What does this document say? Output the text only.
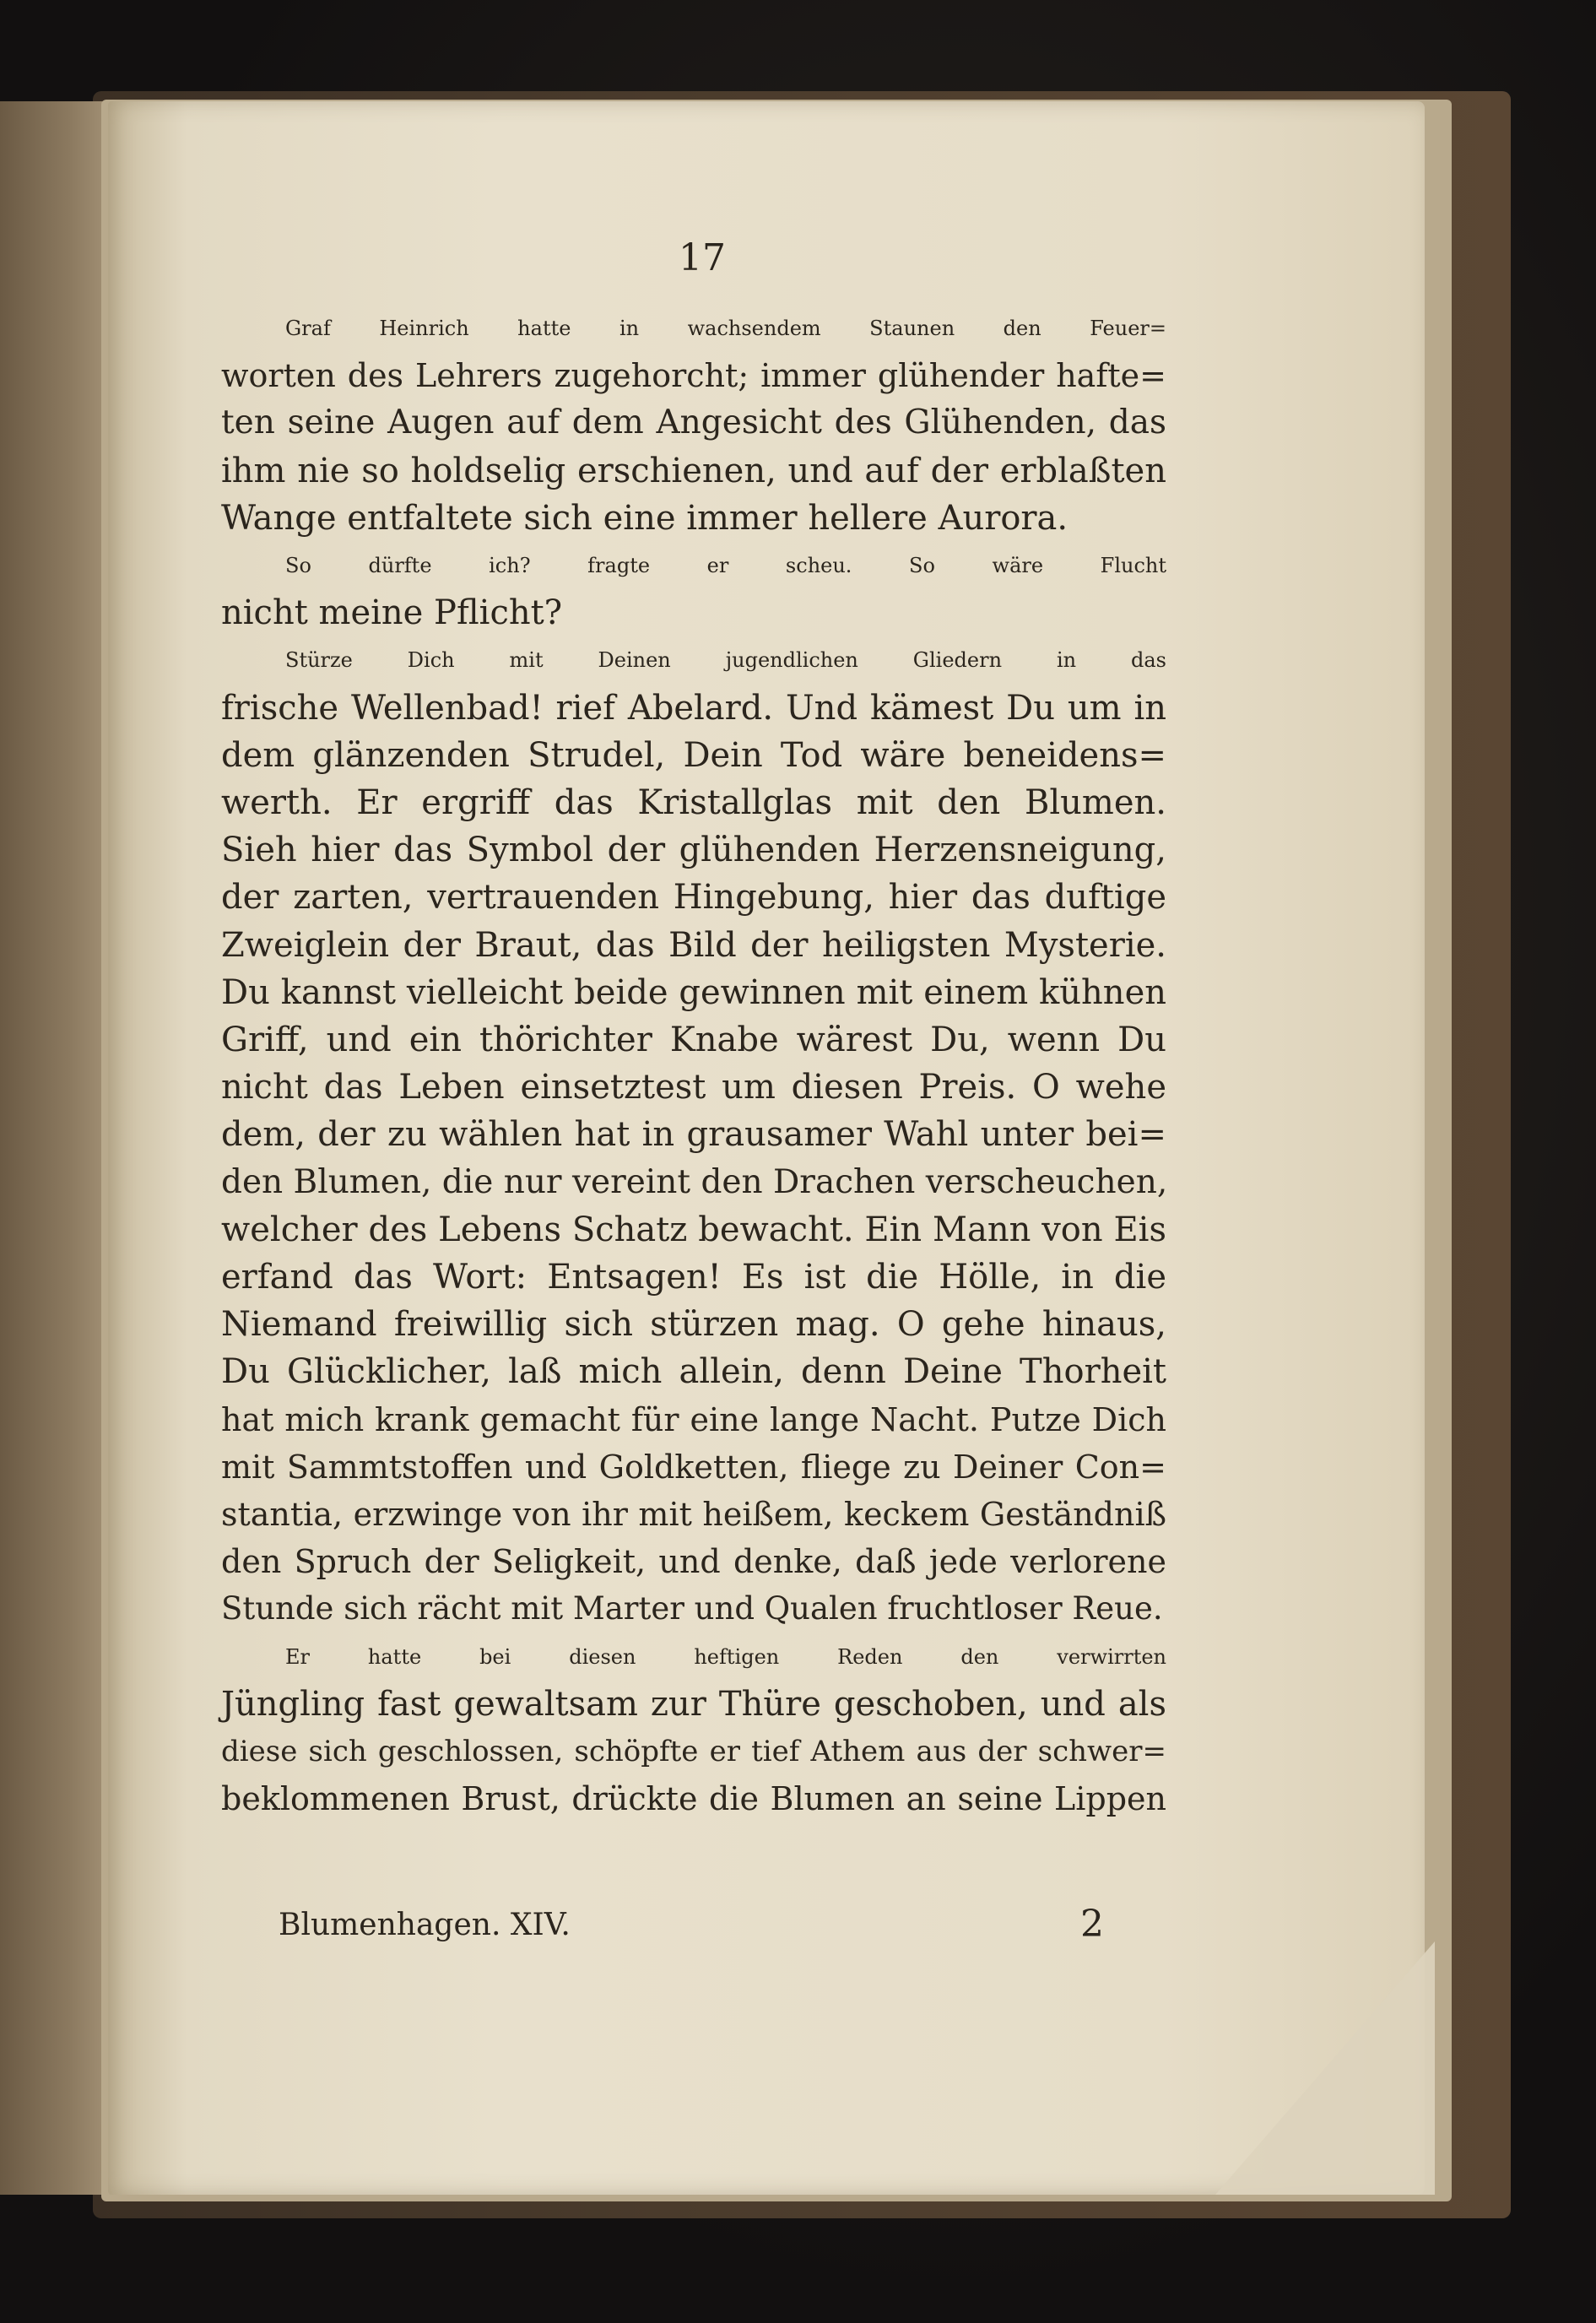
17

Graf Heinrich hatte in wachsendem Staunen den Feuer=
worten des Lehrers zugehorcht; immer glühender hafte=
ten seine Augen auf dem Angesicht des Glühenden, das
ihm nie so holdselig erschienen, und auf der erblaßten
Wange entfaltete sich eine immer hellere Aurora.

So dürfte ich? fragte er scheu. So wäre Flucht
nicht meine Pflicht?

Stürze Dich mit Deinen jugendlichen Gliedern in das
frische Wellenbad! rief Abelard. Und kämest Du um in
dem glänzenden Strudel, Dein Tod wäre beneidens=
werth. Er ergriff das Kristallglas mit den Blumen.
Sieh hier das Symbol der glühenden Herzensneigung,
der zarten, vertrauenden Hingebung, hier das duftige
Zweiglein der Braut, das Bild der heiligsten Mysterie.
Du kannst vielleicht beide gewinnen mit einem kühnen
Griff, und ein thörichter Knabe wärest Du, wenn Du
nicht das Leben einsetztest um diesen Preis. O wehe
dem, der zu wählen hat in grausamer Wahl unter bei=
den Blumen, die nur vereint den Drachen verscheuchen,
welcher des Lebens Schatz bewacht. Ein Mann von Eis
erfand das Wort: Entsagen! Es ist die Hölle, in die
Niemand freiwillig sich stürzen mag. O gehe hinaus,
Du Glücklicher, laß mich allein, denn Deine Thorheit
hat mich krank gemacht für eine lange Nacht. Putze Dich
mit Sammtstoffen und Goldketten, fliege zu Deiner Con=
stantia, erzwinge von ihr mit heißem, keckem Geständniß
den Spruch der Seligkeit, und denke, daß jede verlorene
Stunde sich rächt mit Marter und Qualen fruchtloser Reue.

Er hatte bei diesen heftigen Reden den verwirrten
Jüngling fast gewaltsam zur Thüre geschoben, und als
diese sich geschlossen, schöpfte er tief Athem aus der schwer=
beklommenen Brust, drückte die Blumen an seine Lippen

Blumenhagen. XIV.	2
